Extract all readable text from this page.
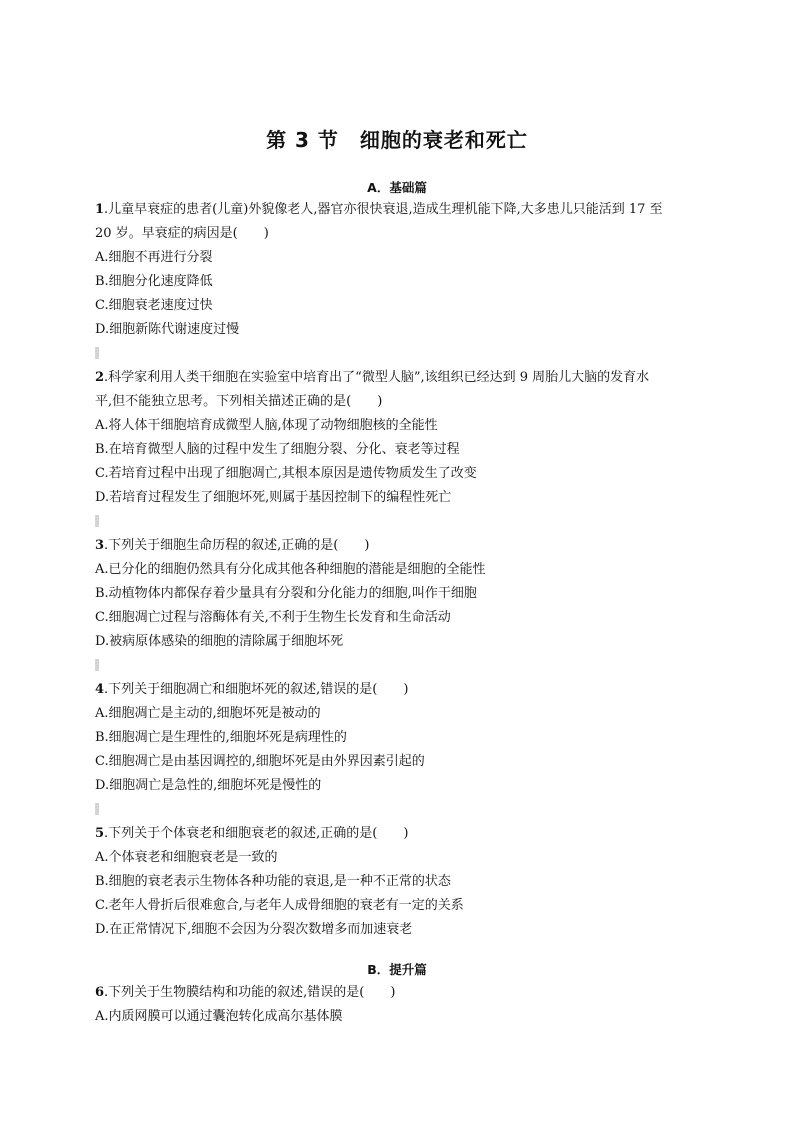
第 3 节　细胞的衰老和死亡
A．基础篇
1.儿童早衰症的患者(儿童)外貌像老人,器官亦很快衰退,造成生理机能下降,大多患儿只能活到 17 至
20 岁。早衰症的病因是(　　)
A.细胞不再进行分裂
B.细胞分化速度降低
C.细胞衰老速度过快
D.细胞新陈代谢速度过慢
2.科学家利用人类干细胞在实验室中培育出了“微型人脑”,该组织已经达到 9 周胎儿大脑的发育水
平,但不能独立思考。下列相关描述正确的是(　　)
A.将人体干细胞培育成微型人脑,体现了动物细胞核的全能性
B.在培育微型人脑的过程中发生了细胞分裂、分化、衰老等过程
C.若培育过程中出现了细胞凋亡,其根本原因是遗传物质发生了改变
D.若培育过程发生了细胞坏死,则属于基因控制下的编程性死亡
3.下列关于细胞生命历程的叙述,正确的是(　　)
A.已分化的细胞仍然具有分化成其他各种细胞的潜能是细胞的全能性
B.动植物体内都保存着少量具有分裂和分化能力的细胞,叫作干细胞
C.细胞凋亡过程与溶酶体有关,不利于生物生长发育和生命活动
D.被病原体感染的细胞的清除属于细胞坏死
4.下列关于细胞凋亡和细胞坏死的叙述,错误的是(　　)
A.细胞凋亡是主动的,细胞坏死是被动的
B.细胞凋亡是生理性的,细胞坏死是病理性的
C.细胞凋亡是由基因调控的,细胞坏死是由外界因素引起的
D.细胞凋亡是急性的,细胞坏死是慢性的
5.下列关于个体衰老和细胞衰老的叙述,正确的是(　　)
A.个体衰老和细胞衰老是一致的
B.细胞的衰老表示生物体各种功能的衰退,是一种不正常的状态
C.老年人骨折后很难愈合,与老年人成骨细胞的衰老有一定的关系
D.在正常情况下,细胞不会因为分裂次数增多而加速衰老
B．提升篇
6.下列关于生物膜结构和功能的叙述,错误的是(　　)
A.内质网膜可以通过囊泡转化成高尔基体膜
